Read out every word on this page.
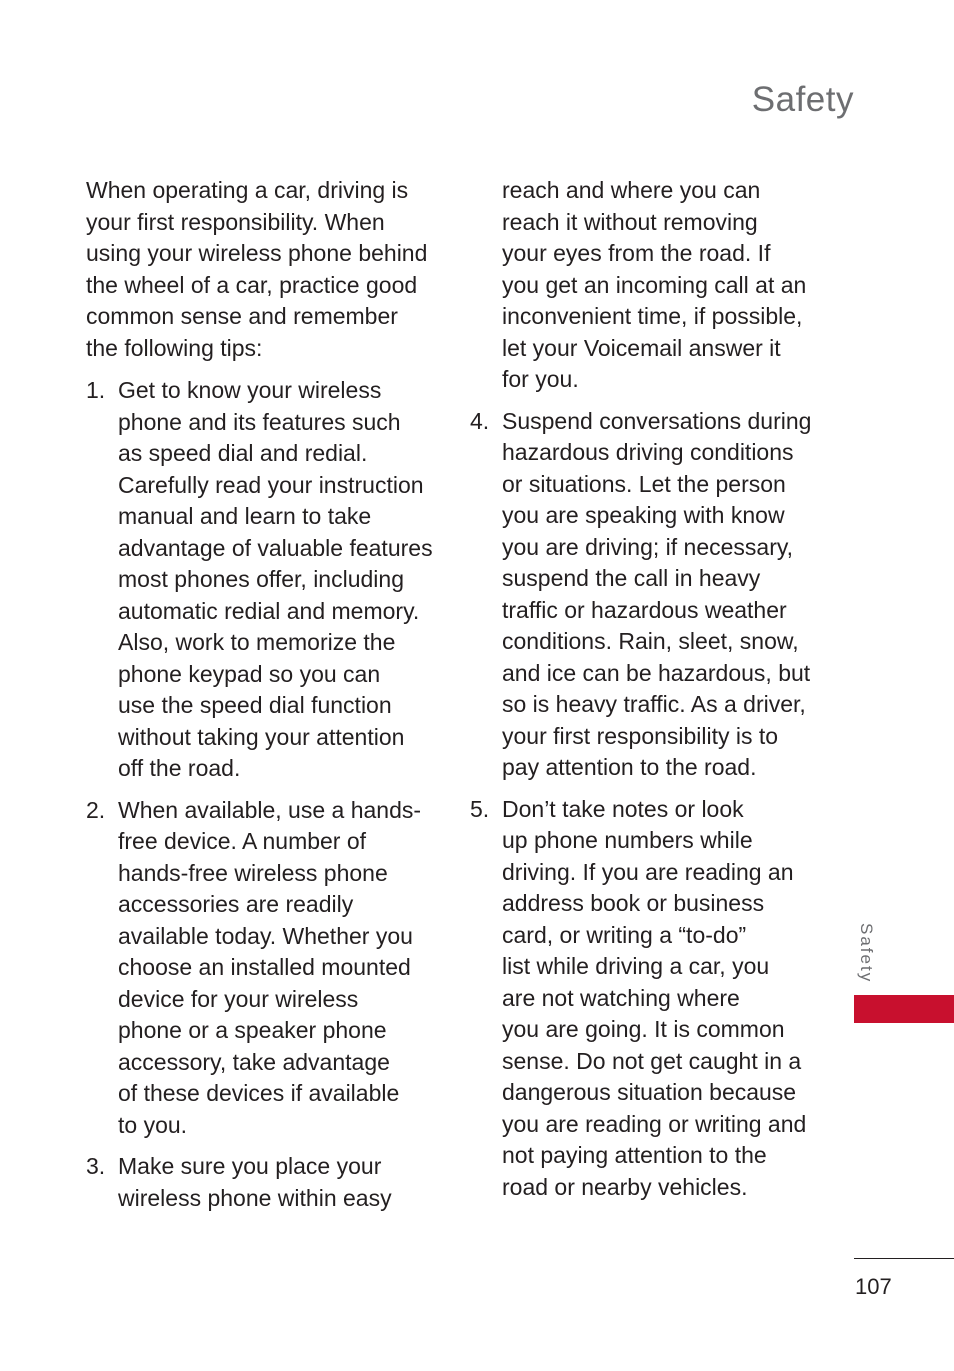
Safety

When operating a car, driving is
your first responsibility. When
using your wireless phone behind
the wheel of a car, practice good
common sense and remember
the following tips:

1. Get to know your wireless
phone and its features such
as speed dial and redial.
Carefully read your instruction
manual and learn to take
advantage of valuable features
most phones offer, including
automatic redial and memory.
Also, work to memorize the
phone keypad so you can
use the speed dial function
without taking your attention
off the road.
2. When available, use a hands-
free device. A number of
hands-free wireless phone
accessories are readily
available today. Whether you
choose an installed mounted
device for your wireless
phone or a speaker phone
accessory, take advantage
of these devices if available
to you.
3. Make sure you place your
wireless phone within easy
reach and where you can
reach it without removing
your eyes from the road. If
you get an incoming call at an
inconvenient time, if possible,
let your Voicemail answer it
for you.
4. Suspend conversations during
hazardous driving conditions
or situations. Let the person
you are speaking with know
you are driving; if necessary,
suspend the call in heavy
traffic or hazardous weather
conditions. Rain, sleet, snow,
and ice can be hazardous, but
so is heavy traffic. As a driver,
your first responsibility is to
pay attention to the road.
5. Don’t take notes or look
up phone numbers while
driving. If you are reading an
address book or business
card, or writing a “to-do”
list while driving a car, you
are not watching where
you are going. It is common
sense. Do not get caught in a
dangerous situation because
you are reading or writing and
not paying attention to the
road or nearby vehicles.
Safety
107
